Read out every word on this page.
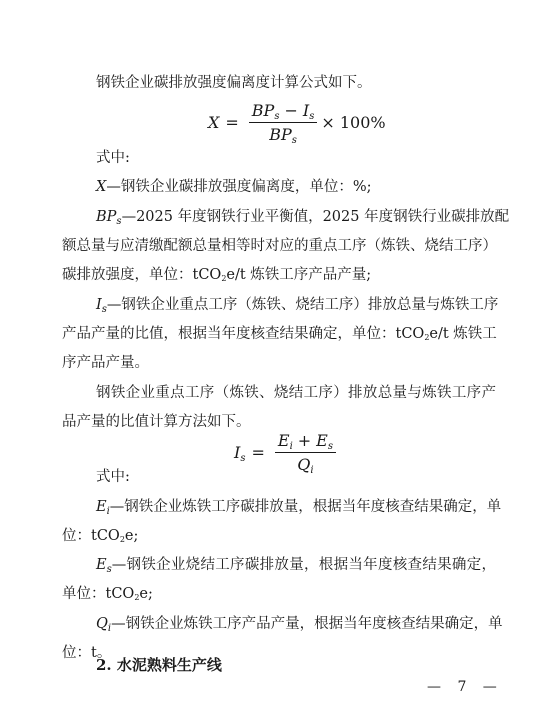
钢铁企业碳排放强度偏离度计算公式如下。
$X = \frac{BP_s - I_s}{BP_s} \times 100\%$
式中:
X—钢铁企业碳排放强度偏离度，单位：%;
$BP_s—2025$ 年度钢铁行业平衡值，2025 年度钢铁行业碳排放配
额总量与应清缴配额总量相等时对应的重点工序（炼铁、烧结工序）
碳排放强度，单位：tCO2e/t 炼铁工序产品产量;
$I_s—$钢铁企业重点工序（炼铁、烧结工序）排放总量与炼铁工序
产品产量的比值，根据当年度核查结果确定，单位：tCO2e/t 炼铁工
序产品产量。
钢铁企业重点工序（炼铁、烧结工序）排放总量与炼铁工序产
品产量的比值计算方法如下。
$I_s = \frac{E_i + E_s}{Q_i}$
式中:
$E_i—$钢铁企业炼铁工序碳排放量，根据当年度核查结果确定，单
位：tCO2e;
$E_s—$钢铁企业烧结工序碳排放量，根据当年度核查结果确定，
单位：tCO2e;
$Q_i—$钢铁企业炼铁工序产品产量，根据当年度核查结果确定，单
位：t。
2. 水泥熟料生产线
— 7 —
